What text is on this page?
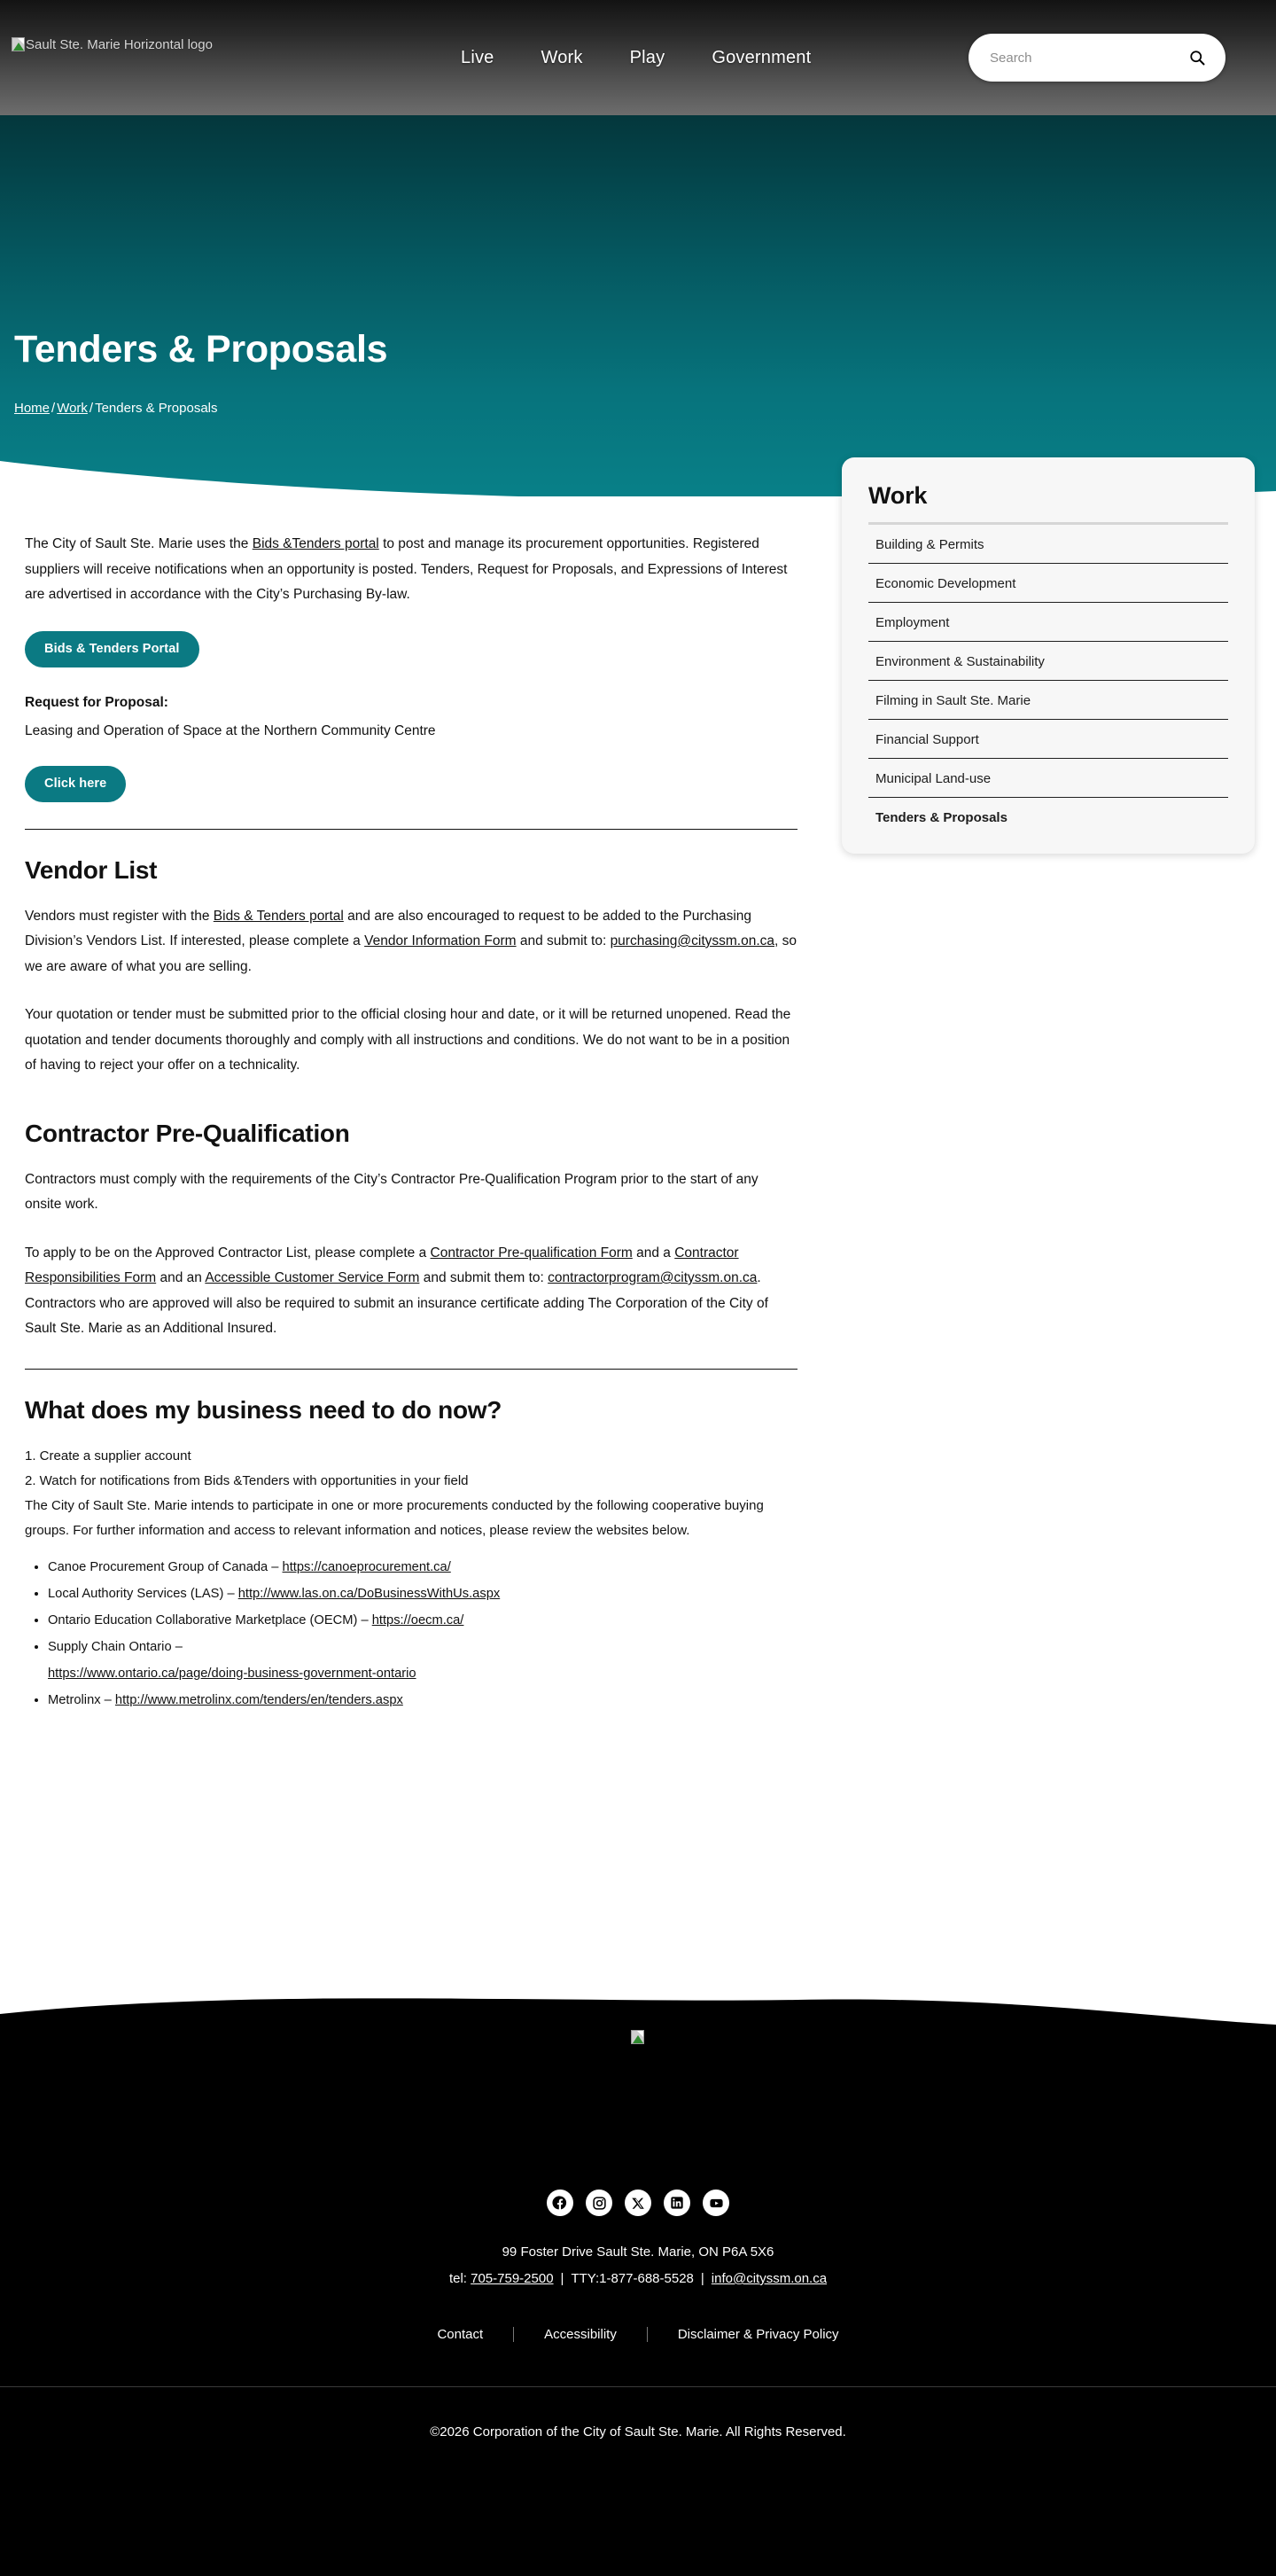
Sault Ste. Marie Horizontal logo
Live	Work	Play	Government
Search
Tenders & Proposals
Home / Work / Tenders & Proposals
Work
Building & Permits
Economic Development
Employment
Environment & Sustainability
Filming in Sault Ste. Marie
Financial Support
Municipal Land-use
Tenders & Proposals

The City of Sault Ste. Marie uses the Bids &Tenders portal to post and manage its procurement opportunities. Registered suppliers will receive notifications when an opportunity is posted. Tenders, Request for Proposals, and Expressions of Interest are advertised in accordance with the City’s Purchasing By-law.

Bids & Tenders Portal

Request for Proposal:

Leasing and Operation of Space at the Northern Community Centre

Click here
Vendor List

Vendors must register with the Bids & Tenders portal and are also encouraged to request to be added to the Purchasing Division’s Vendors List. If interested, please complete a Vendor Information Form and submit to: purchasing@cityssm.on.ca, so we are aware of what you are selling.

Your quotation or tender must be submitted prior to the official closing hour and date, or it will be returned unopened. Read the quotation and tender documents thoroughly and comply with all instructions and conditions. We do not want to be in a position of having to reject your offer on a technicality.

Contractor Pre-Qualification

Contractors must comply with the requirements of the City’s Contractor Pre-Qualification Program prior to the start of any onsite work.

To apply to be on the Approved Contractor List, please complete a Contractor Pre-qualification Form and a Contractor Responsibilities Form and an Accessible Customer Service Form and submit them to: contractorprogram@cityssm.on.ca. Contractors who are approved will also be required to submit an insurance certificate adding The Corporation of the City of Sault Ste. Marie as an Additional Insured.

What does my business need to do now?
1. Create a supplier account
2. Watch for notifications from Bids &Tenders with opportunities in your field

The City of Sault Ste. Marie intends to participate in one or more procurements conducted by the following cooperative buying groups. For further information and access to relevant information and notices, please review the websites below.

• Canoe Procurement Group of Canada – https://canoeprocurement.ca/
• Local Authority Services (LAS) – http://www.las.on.ca/DoBusinessWithUs.aspx
• Ontario Education Collaborative Marketplace (OECM) – https://oecm.ca/
• Supply Chain Ontario –
https://www.ontario.ca/page/doing-business-government-ontario
• Metrolinx – http://www.metrolinx.com/tenders/en/tenders.aspx
99 Foster Drive Sault Ste. Marie, ON P6A 5X6
tel: 705-759-2500 | TTY:1-877-688-5528 | info@cityssm.on.ca
Contact	Accessibility	Disclaimer & Privacy Policy
©2026 Corporation of the City of Sault Ste. Marie. All Rights Reserved.
